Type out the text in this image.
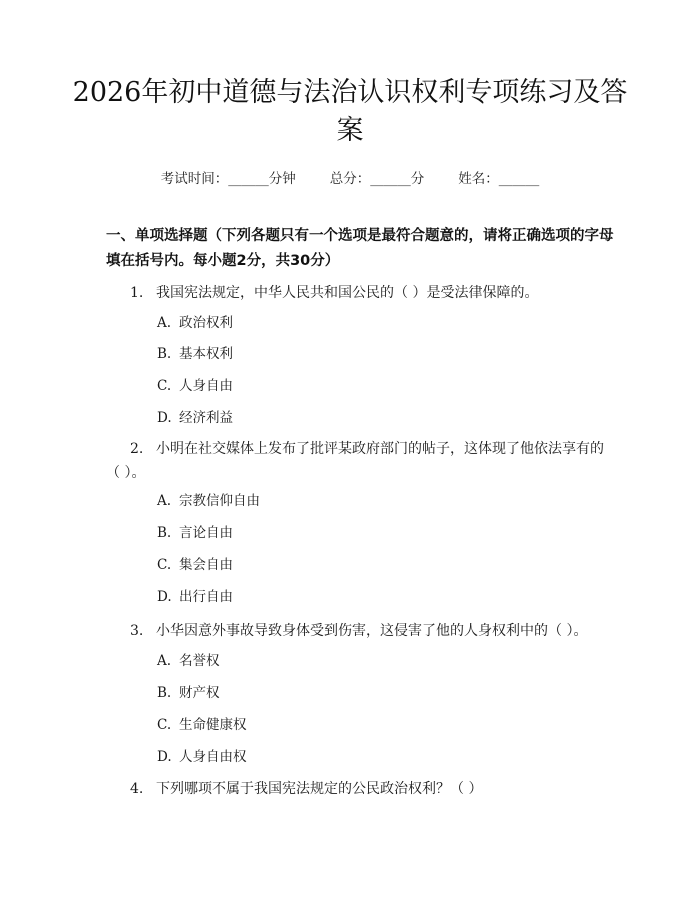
2026年初中道德与法治认识权利专项练习及答案
考试时间：______分钟	总分：______分	姓名：______
一、单项选择题（下列各题只有一个选项是最符合题意的，请将正确选项的字母填在括号内。每小题2分，共30分）
1. 我国宪法规定，中华人民共和国公民的（ ）是受法律保障的。
A. 政治权利
B. 基本权利
C. 人身自由
D. 经济利益
2. 小明在社交媒体上发布了批评某政府部门的帖子，这体现了他依法享有的（ ）。
A. 宗教信仰自由
B. 言论自由
C. 集会自由
D. 出行自由
3. 小华因意外事故导致身体受到伤害，这侵害了他的人身权利中的（ ）。
A. 名誉权
B. 财产权
C. 生命健康权
D. 人身自由权
4. 下列哪项不属于我国宪法规定的公民政治权利？（ ）
